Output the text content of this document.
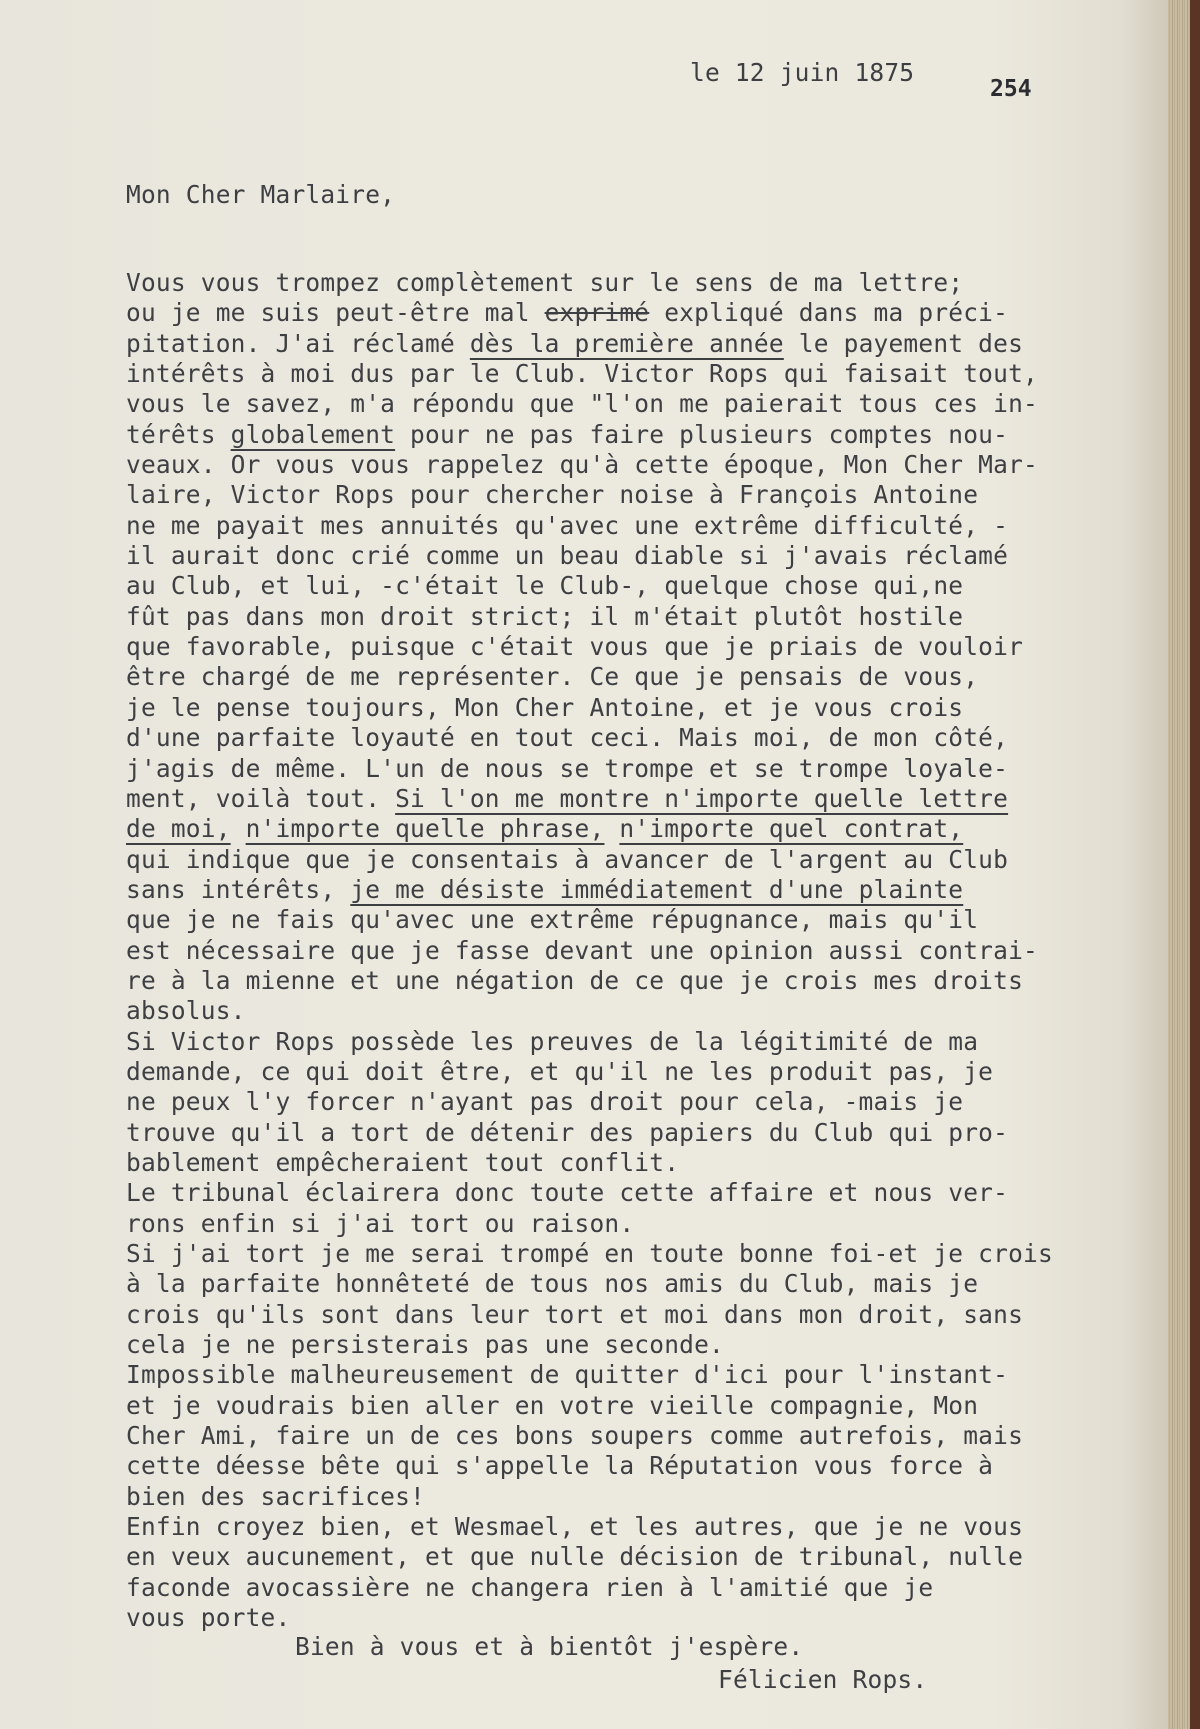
le 12 juin 1875
254
Mon Cher Marlaire,
Vous vous trompez complètement sur le sens de ma lettre;
ou je me suis peut-être mal exprimé expliqué dans ma préci-
pitation. J'ai réclamé dès la première année le payement des
intérêts à moi dus par le Club. Victor Rops qui faisait tout,
vous le savez, m'a répondu que "l'on me paierait tous ces in-
térêts globalement pour ne pas faire plusieurs comptes nou-
veaux. Or vous vous rappelez qu'à cette époque, Mon Cher Mar-
laire, Victor Rops pour chercher noise à François Antoine
ne me payait mes annuités qu'avec une extrême difficulté, -
il aurait donc crié comme un beau diable si j'avais réclamé
au Club, et lui, -c'était le Club-, quelque chose qui,ne
fût pas dans mon droit strict; il m'était plutôt hostile
que favorable, puisque c'était vous que je priais de vouloir
être chargé de me représenter. Ce que je pensais de vous,
je le pense toujours, Mon Cher Antoine, et je vous crois
d'une parfaite loyauté en tout ceci. Mais moi, de mon côté,
j'agis de même. L'un de nous se trompe et se trompe loyale-
ment, voilà tout. Si l'on me montre n'importe quelle lettre
de moi, n'importe quelle phrase, n'importe quel contrat,
qui indique que je consentais à avancer de l'argent au Club
sans intérêts, je me désiste immédiatement d'une plainte
que je ne fais qu'avec une extrême répugnance, mais qu'il
est nécessaire que je fasse devant une opinion aussi contrai-
re à la mienne et une négation de ce que je crois mes droits
absolus.
Si Victor Rops possède les preuves de la légitimité de ma
demande, ce qui doit être, et qu'il ne les produit pas, je
ne peux l'y forcer n'ayant pas droit pour cela, -mais je
trouve qu'il a tort de détenir des papiers du Club qui pro-
bablement empêcheraient tout conflit.
Le tribunal éclairera donc toute cette affaire et nous ver-
rons enfin si j'ai tort ou raison.
Si j'ai tort je me serai trompé en toute bonne foi-et je crois
à la parfaite honnêteté de tous nos amis du Club, mais je
crois qu'ils sont dans leur tort et moi dans mon droit, sans
cela je ne persisterais pas une seconde.
Impossible malheureusement de quitter d'ici pour l'instant-
et je voudrais bien aller en votre vieille compagnie, Mon
Cher Ami, faire un de ces bons soupers comme autrefois, mais
cette déesse bête qui s'appelle la Réputation vous force à
bien des sacrifices!
Enfin croyez bien, et Wesmael, et les autres, que je ne vous
en veux aucunement, et que nulle décision de tribunal, nulle
faconde avocassière ne changera rien à l'amitié que je
vous porte.
Bien à vous et à bientôt j'espère.
Félicien Rops.
